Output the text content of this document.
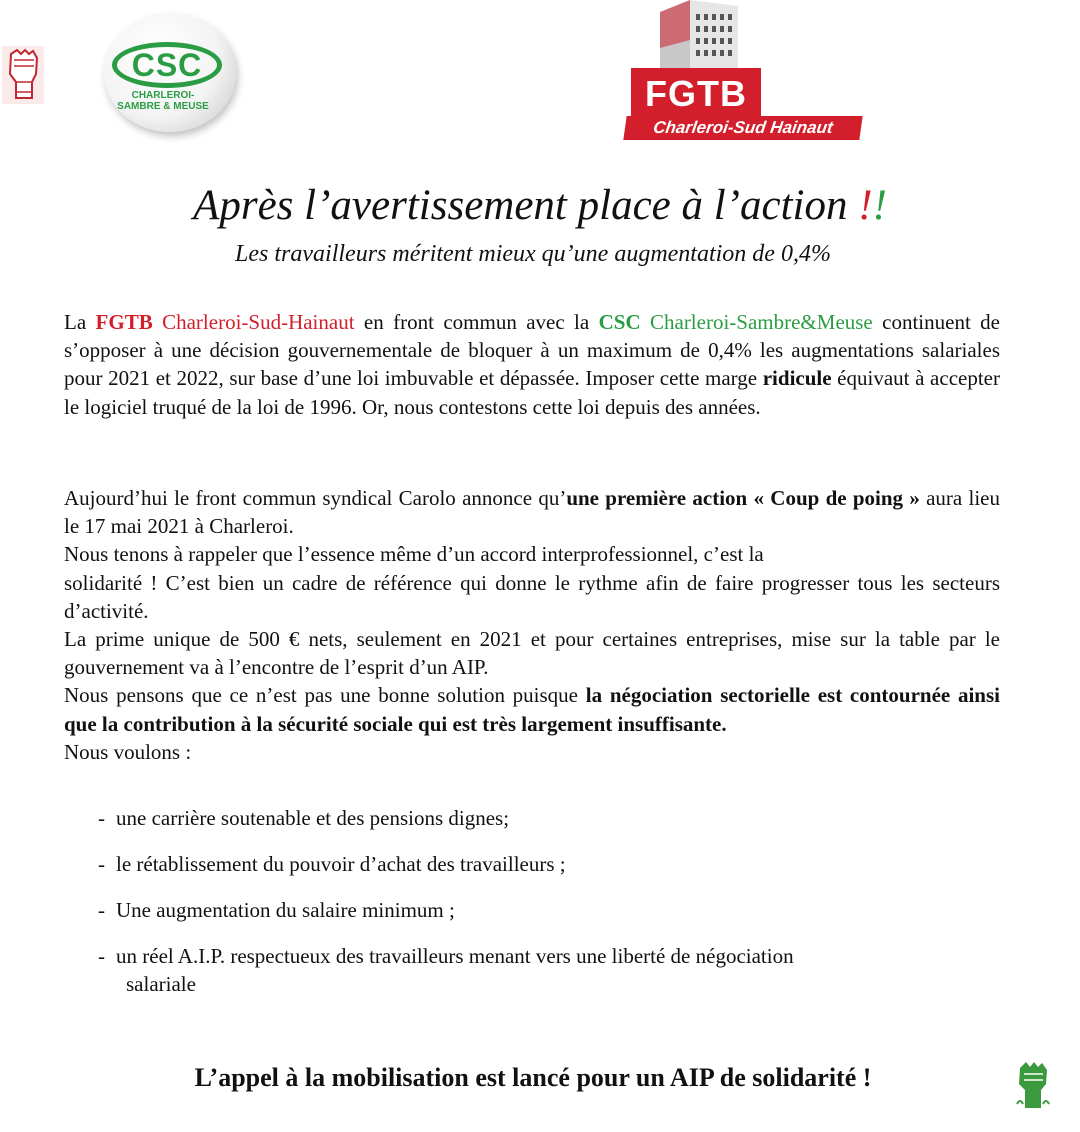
CSC
CHARLEROI-
SAMBRE & MEUSE	FGTB
Charleroi-Sud Hainaut
Après l’avertissement place à l’action !!
Les travailleurs méritent mieux qu’une augmentation de 0,4%
La FGTB Charleroi-Sud-Hainaut en front commun avec la CSC Charleroi-Sambre&Meuse continuent de s’opposer à une décision gouvernementale de bloquer à un maximum de 0,4% les augmentations salariales pour 2021 et 2022, sur base d’une loi imbuvable et dépassée. Imposer cette marge ridicule équivaut à accepter le logiciel truqué de la loi de 1996. Or, nous contestons cette loi depuis des années.
Aujourd’hui le front commun syndical Carolo annonce qu’une première action « Coup de poing » aura lieu le 17 mai 2021 à Charleroi.
Nous tenons à rappeler que l’essence même d’un accord interprofessionnel, c’est la
solidarité ! C’est bien un cadre de référence qui donne le rythme afin de faire progresser tous les secteurs d’activité.
La prime unique de 500 € nets, seulement en 2021 et pour certaines entreprises, mise sur la table par le gouvernement va à l’encontre de l’esprit d’un AIP.
Nous pensons que ce n’est pas une bonne solution puisque la négociation sectorielle est contournée ainsi que la contribution à la sécurité sociale qui est très largement insuffisante.
Nous voulons :
- une carrière soutenable et des pensions dignes;
- le rétablissement du pouvoir d’achat des travailleurs ;
- Une augmentation du salaire minimum ;
- un réel A.I.P. respectueux des travailleurs menant vers une liberté de négociation
salariale
L’appel à la mobilisation est lancé pour un AIP de solidarité !
